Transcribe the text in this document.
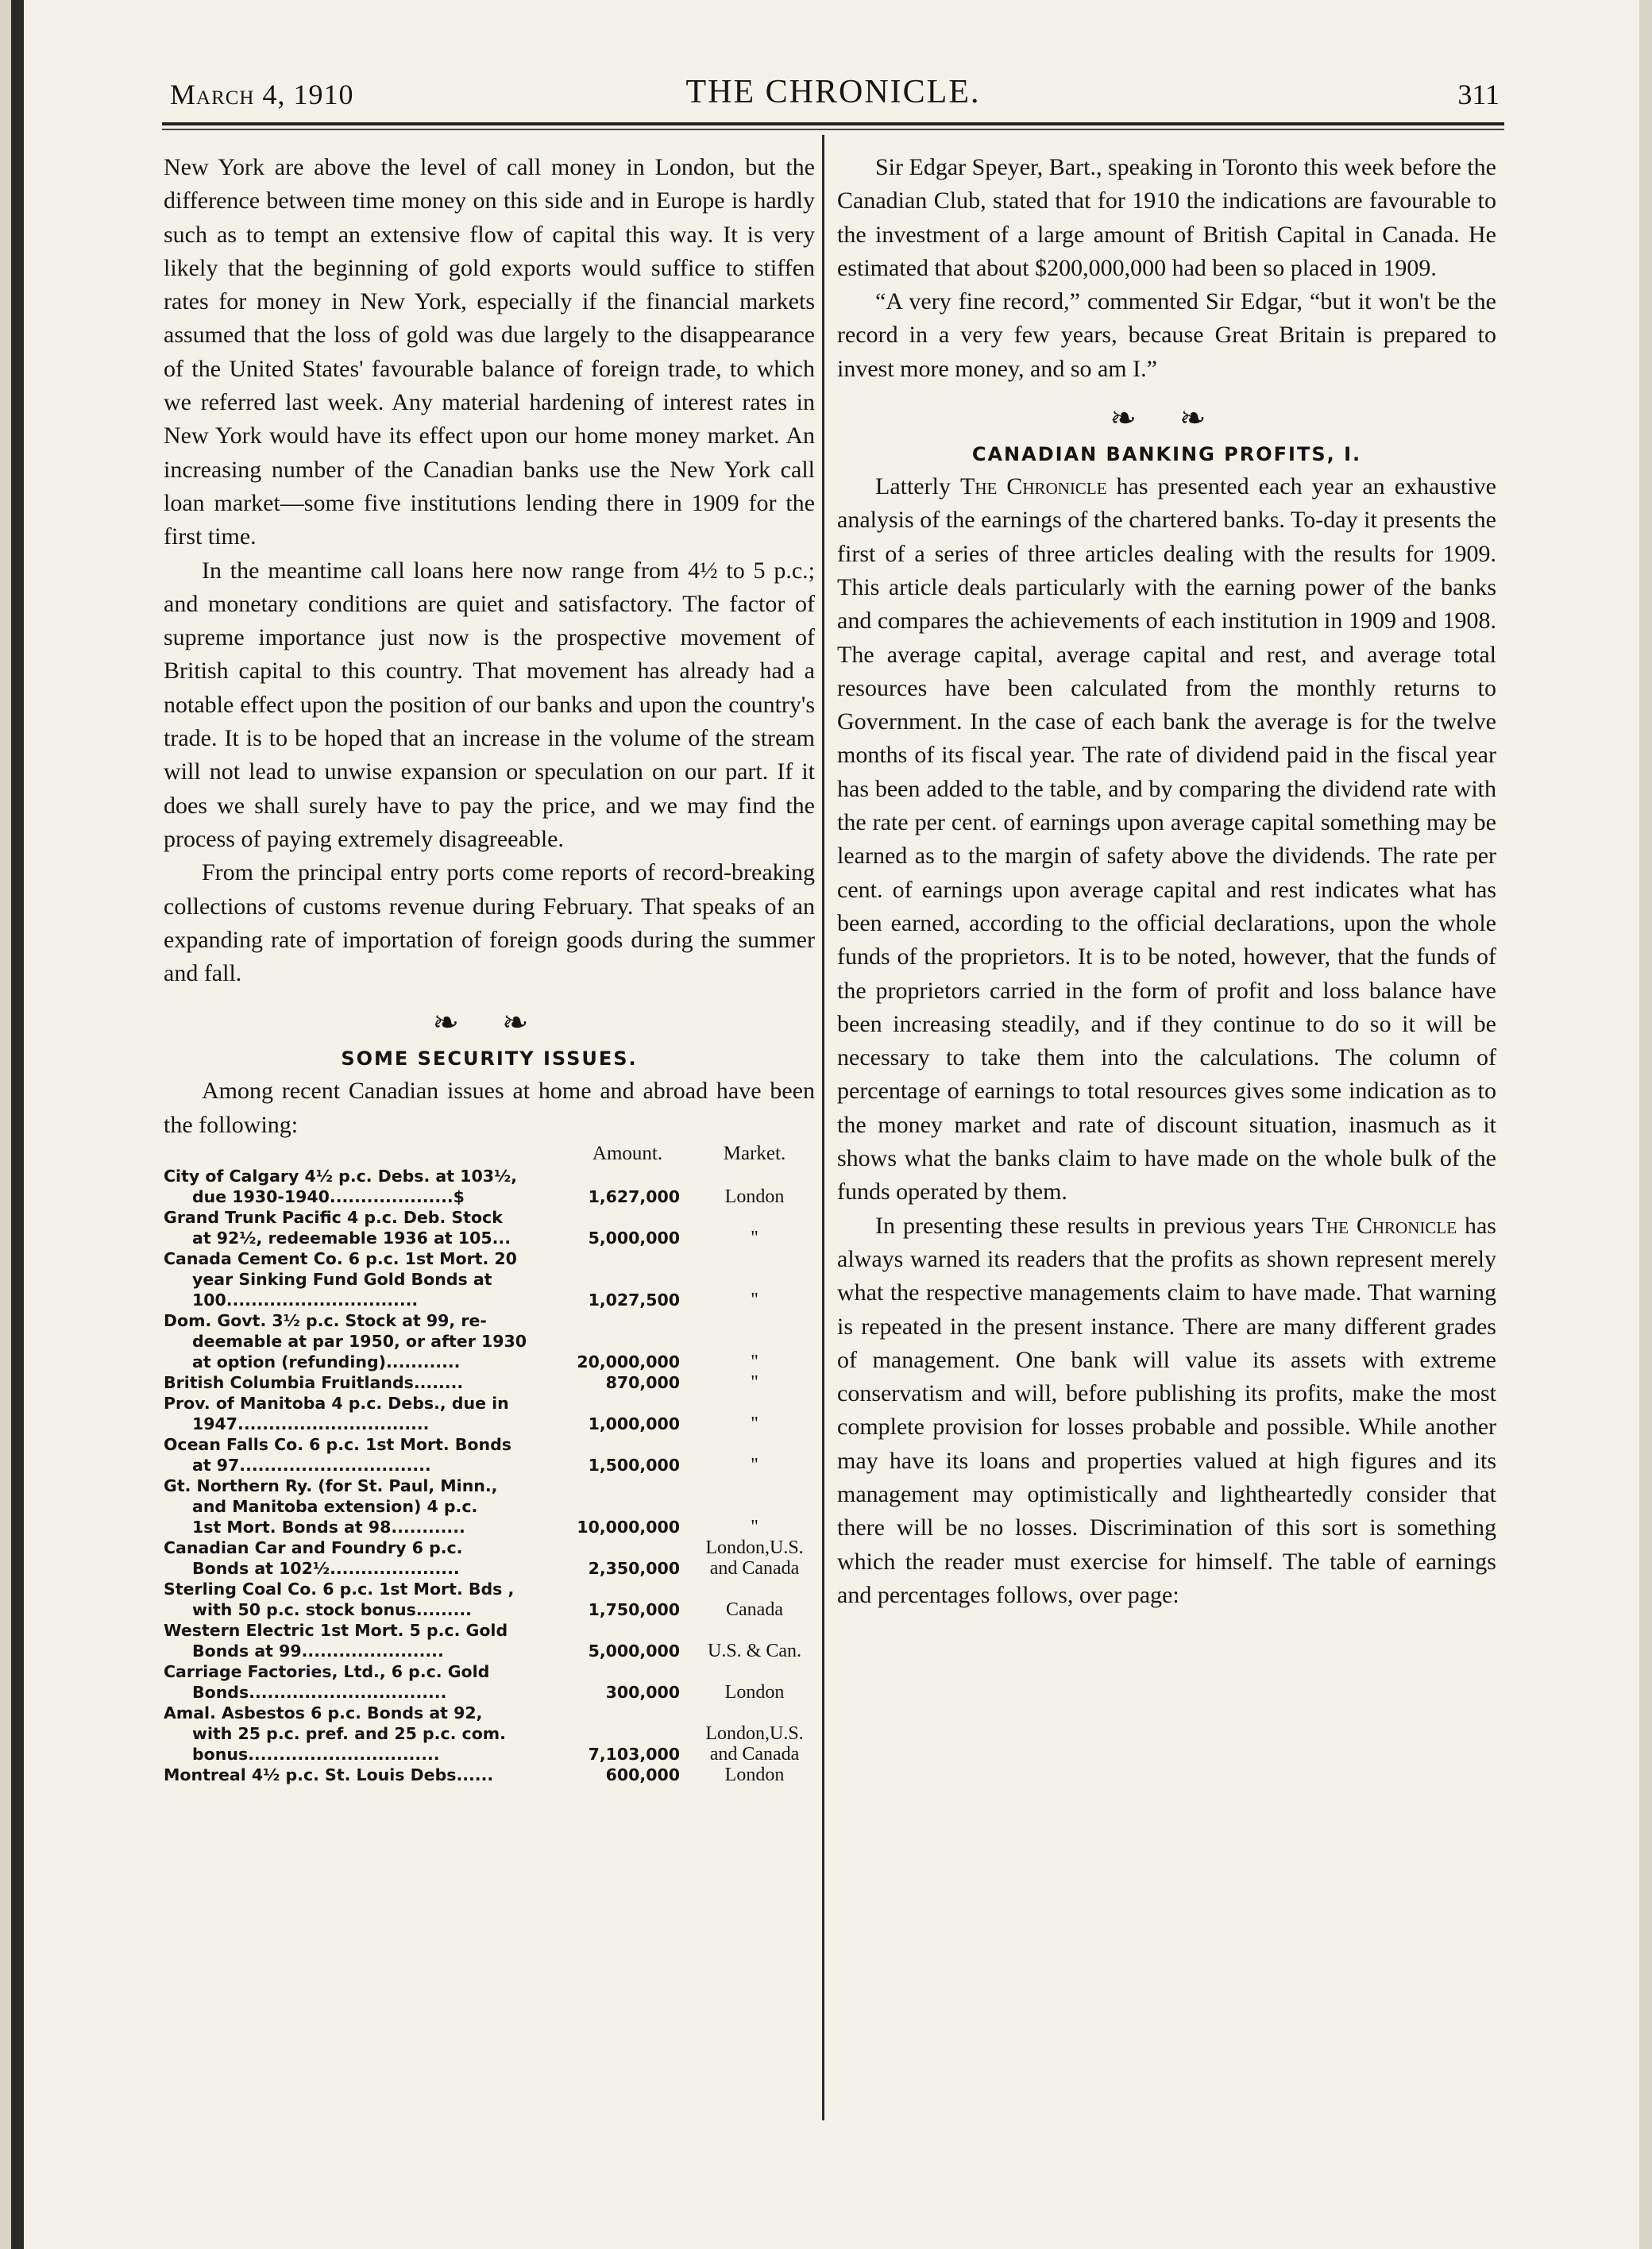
March 4, 1910	THE CHRONICLE.	311

New York are above the level of call money in London, but the difference between time money on this side and in Europe is hardly such as to tempt an extensive flow of capital this way. It is very likely that the beginning of gold exports would suffice to stiffen rates for money in New York, especially if the financial markets assumed that the loss of gold was due largely to the disappearance of the United States' favourable balance of foreign trade, to which we referred last week. Any material hardening of interest rates in New York would have its effect upon our home money market. An increasing number of the Canadian banks use the New York call loan market—some five institutions lending there in 1909 for the first time.

In the meantime call loans here now range from 4½ to 5 p.c.; and monetary conditions are quiet and satisfactory. The factor of supreme importance just now is the prospective movement of British capital to this country. That movement has already had a notable effect upon the position of our banks and upon the country's trade. It is to be hoped that an increase in the volume of the stream will not lead to unwise expansion or speculation on our part. If it does we shall surely have to pay the price, and we may find the process of paying extremely disagreeable.

From the principal entry ports come reports of record-breaking collections of customs revenue during February. That speaks of an expanding rate of importation of foreign goods during the summer and fall.

❧ ❧
SOME SECURITY ISSUES.

Among recent Canadian issues at home and abroad have been the following:

	Amount.	Market.

City of Calgary 4½ p.c. Debs. at 103½,
due 1930-1940....................$	1,627,000	London

Grand Trunk Pacific 4 p.c. Deb. Stock
at 92½, redeemable 1936 at 105...	5,000,000	"

Canada Cement Co. 6 p.c. 1st Mort. 20
year Sinking Fund Gold Bonds at
100...............................	1,027,500	"

Dom. Govt. 3½ p.c. Stock at 99, re-
deemable at par 1950, or after 1930
at option (refunding)............	20,000,000	"

British Columbia Fruitlands........	870,000	"

Prov. of Manitoba 4 p.c. Debs., due in
1947...............................	1,000,000	"

Ocean Falls Co. 6 p.c. 1st Mort. Bonds
at 97...............................	1,500,000	"

Gt. Northern Ry. (for St. Paul, Minn.,
and Manitoba extension) 4 p.c.
1st Mort. Bonds at 98............	10,000,000	"

Canadian Car and Foundry 6 p.c.
Bonds at 102½.....................	2,350,000	London,U.S.
and Canada

Sterling Coal Co. 6 p.c. 1st Mort. Bds ,
with 50 p.c. stock bonus.........	1,750,000	Canada

Western Electric 1st Mort. 5 p.c. Gold
Bonds at 99.......................	5,000,000	U.S. & Can.

Carriage Factories, Ltd., 6 p.c. Gold
Bonds................................	300,000	London

Amal. Asbestos 6 p.c. Bonds at 92,
with 25 p.c. pref. and 25 p.c. com.
bonus...............................	7,103,000	London,U.S.
and Canada

Montreal 4½ p.c. St. Louis Debs......	600,000	London

Sir Edgar Speyer, Bart., speaking in Toronto this week before the Canadian Club, stated that for 1910 the indications are favourable to the investment of a large amount of British Capital in Canada. He estimated that about $200,000,000 had been so placed in 1909.

“A very fine record,” commented Sir Edgar, “but it won't be the record in a very few years, because Great Britain is prepared to invest more money, and so am I.”

❧ ❧
CANADIAN BANKING PROFITS, I.

Latterly The Chronicle has presented each year an exhaustive analysis of the earnings of the chartered banks. To-day it presents the first of a series of three articles dealing with the results for 1909. This article deals particularly with the earning power of the banks and compares the achievements of each institution in 1909 and 1908. The average capital, average capital and rest, and average total resources have been calculated from the monthly returns to Government. In the case of each bank the average is for the twelve months of its fiscal year. The rate of dividend paid in the fiscal year has been added to the table, and by comparing the dividend rate with the rate per cent. of earnings upon average capital something may be learned as to the margin of safety above the dividends. The rate per cent. of earnings upon average capital and rest indicates what has been earned, according to the official declarations, upon the whole funds of the proprietors. It is to be noted, however, that the funds of the proprietors carried in the form of profit and loss balance have been increasing steadily, and if they continue to do so it will be necessary to take them into the calculations. The column of percentage of earnings to total resources gives some indication as to the money market and rate of discount situation, inasmuch as it shows what the banks claim to have made on the whole bulk of the funds operated by them.

In presenting these results in previous years The Chronicle has always warned its readers that the profits as shown represent merely what the respective managements claim to have made. That warning is repeated in the present instance. There are many different grades of management. One bank will value its assets with extreme conservatism and will, before publishing its profits, make the most complete provision for losses probable and possible. While another may have its loans and properties valued at high figures and its management may optimistically and lightheartedly consider that there will be no losses. Discrimination of this sort is something which the reader must exercise for himself. The table of earnings and percentages follows, over page:
